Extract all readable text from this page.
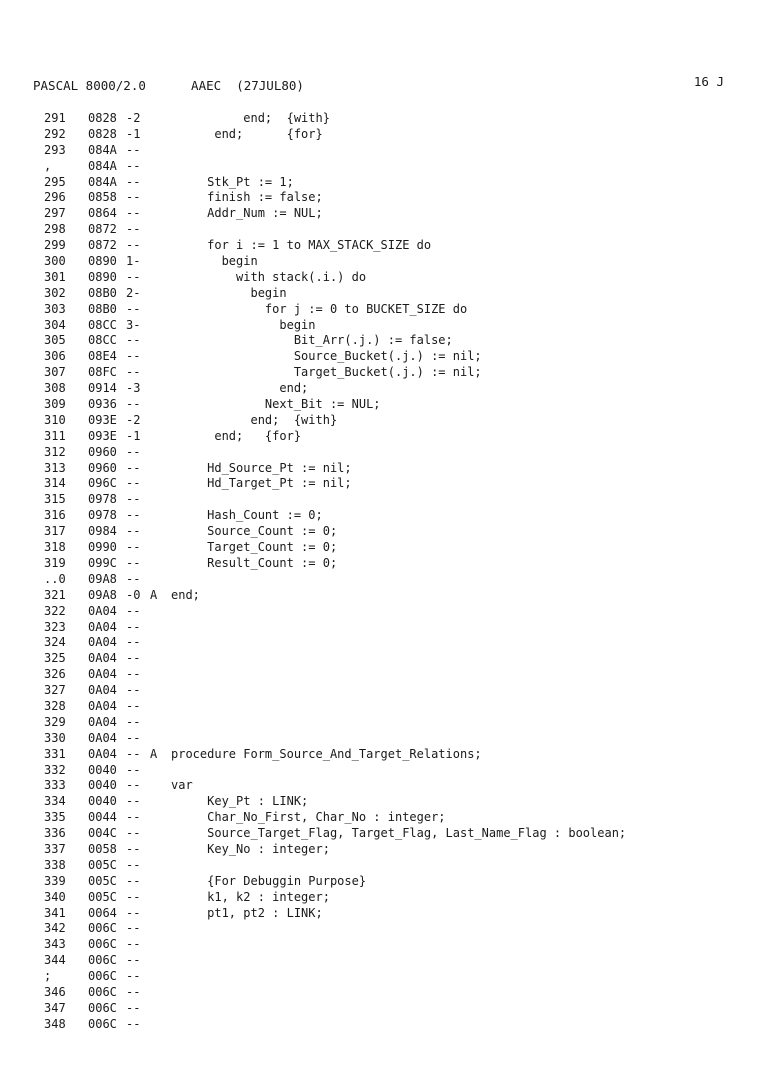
PASCAL 8000/2.0      AAEC  (27JUL80)	16 J
291	0828 -2	end;  {with}
292	0828 -1	end;      {for}
293	084A --
,	084A --
295	084A --	Stk_Pt := 1;
296	0858 --	finish := false;
297	0864 --	Addr_Num := NUL;
298	0872 --
299	0872 --	for i := 1 to MAX_STACK_SIZE do
300	0890 1-	begin
301	0890 --	with stack(.i.) do
302	08B0 2-	begin
303	08B0 --	for j := 0 to BUCKET_SIZE do
304	08CC 3-	begin
305	08CC --	Bit_Arr(.j.) := false;
306	08E4 --	Source_Bucket(.j.) := nil;
307	08FC --	Target_Bucket(.j.) := nil;
308	0914 -3	end;
309	0936 --	Next_Bit := NUL;
310	093E -2	end;  {with}
311	093E -1	end;   {for}
312	0960 --
313	0960 --	Hd_Source_Pt := nil;
314	096C --	Hd_Target_Pt := nil;
315	0978 --
316	0978 --	Hash_Count := 0;
317	0984 --	Source_Count := 0;
318	0990 --	Target_Count := 0;
319	099C --	Result_Count := 0;
..0	09A8 --
321	09A8 -0 A	end;
322	0A04 --
323	0A04 --
324	0A04 --
325	0A04 --
326	0A04 --
327	0A04 --
328	0A04 --
329	0A04 --
330	0A04 --
331	0A04 -- A	procedure Form_Source_And_Target_Relations;
332	0040 --
333	0040 --	var
334	0040 --	Key_Pt : LINK;
335	0044 --	Char_No_First, Char_No : integer;
336	004C --	Source_Target_Flag, Target_Flag, Last_Name_Flag : boolean;
337	0058 --	Key_No : integer;
338	005C --
339	005C --	{For Debuggin Purpose}
340	005C --	k1, k2 : integer;
341	0064 --	pt1, pt2 : LINK;
342	006C --
343	006C --
344	006C --
;	006C --
346	006C --
347	006C --
348	006C --
